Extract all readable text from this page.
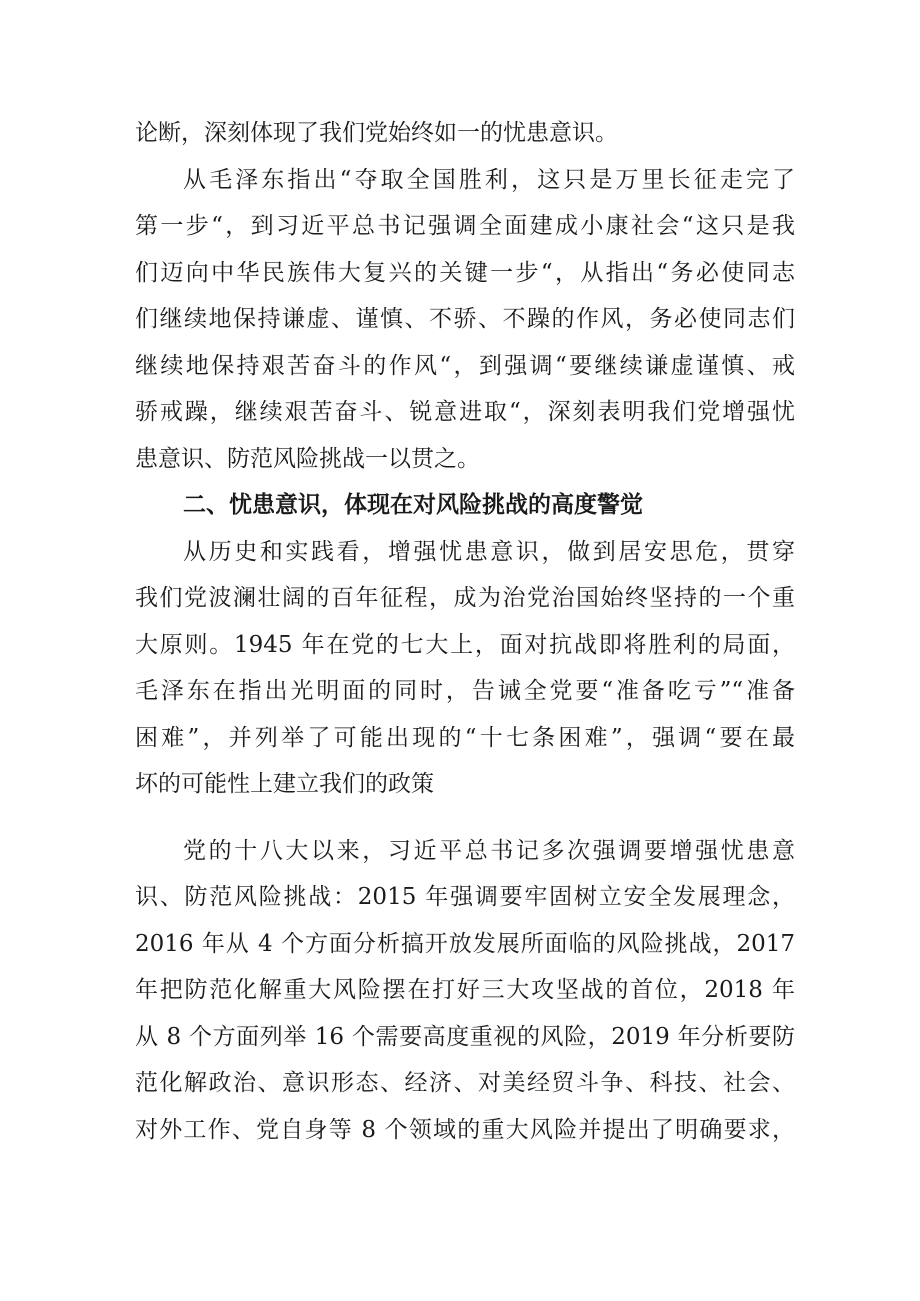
论断，深刻体现了我们党始终如一的忧患意识。
从毛泽东指出“夺取全国胜利，这只是万里长征走完了
第一步“，到习近平总书记强调全面建成小康社会“这只是我
们迈向中华民族伟大复兴的关键一步“，从指出“务必使同志
们继续地保持谦虚、谨慎、不骄、不躁的作风，务必使同志们
继续地保持艰苦奋斗的作风“，到强调“要继续谦虚谨慎、戒
骄戒躁，继续艰苦奋斗、锐意进取“，深刻表明我们党增强忧
患意识、防范风险挑战一以贯之。
二、忧患意识，体现在对风险挑战的高度警觉
从历史和实践看，增强忧患意识，做到居安思危，贯穿
我们党波澜壮阔的百年征程，成为治党治国始终坚持的一个重
大原则。1945 年在党的七大上，面对抗战即将胜利的局面，
毛泽东在指出光明面的同时，告诫全党要“准备吃亏”“准备
困难”，并列举了可能出现的“十七条困难”，强调“要在最
坏的可能性上建立我们的政策
党的十八大以来，习近平总书记多次强调要增强忧患意
识、防范风险挑战：2015 年强调要牢固树立安全发展理念，
2016 年从 4 个方面分析搞开放发展所面临的风险挑战，2017
年把防范化解重大风险摆在打好三大攻坚战的首位，2018 年
从 8 个方面列举 16 个需要高度重视的风险，2019 年分析要防
范化解政治、意识形态、经济、对美经贸斗争、科技、社会、
对外工作、党自身等 8 个领域的重大风险并提出了明确要求，
